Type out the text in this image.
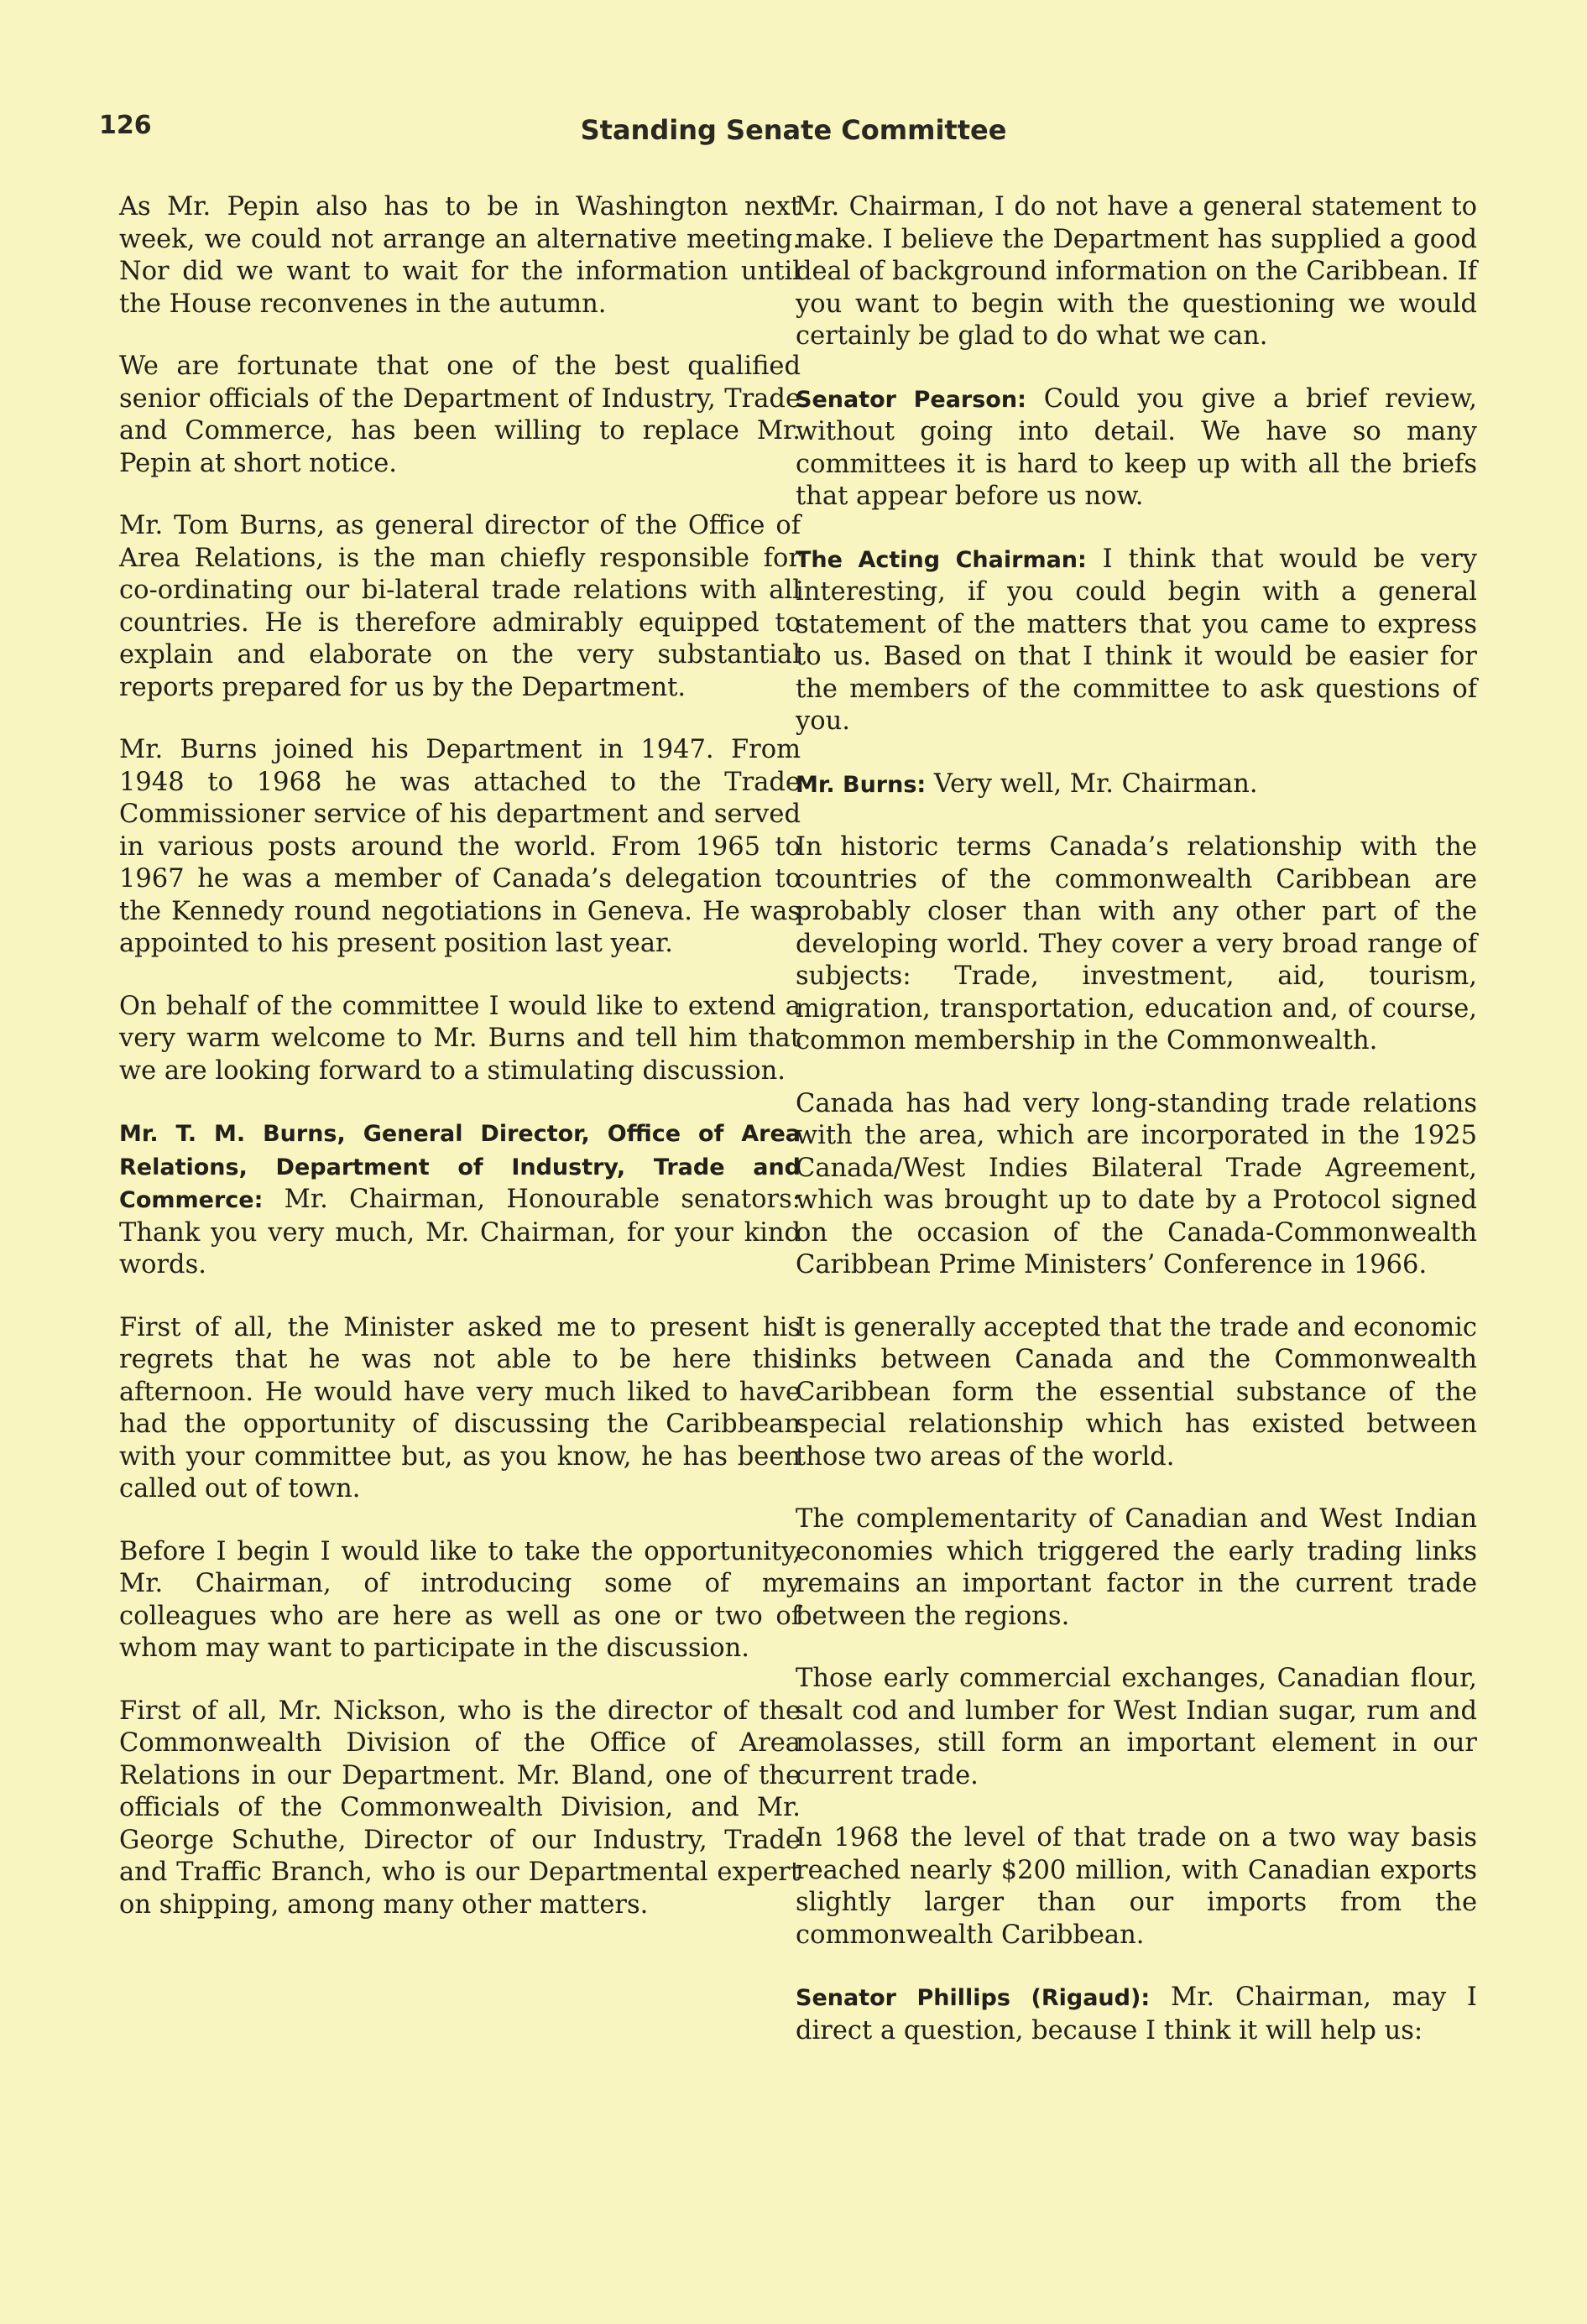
126	Standing Senate Committee

As Mr. Pepin also has to be in Washington next week, we could not arrange an alternative meeting. Nor did we want to wait for the information until the House reconvenes in the autumn.

We are fortunate that one of the best qualified senior officials of the Department of Industry, Trade and Commerce, has been willing to replace Mr. Pepin at short notice.

Mr. Tom Burns, as general director of the Office of Area Relations, is the man chiefly responsible for co-ordinating our bi-lateral trade relations with all countries. He is therefore admirably equipped to explain and elaborate on the very substantial reports prepared for us by the Department.

Mr. Burns joined his Department in 1947. From 1948 to 1968 he was attached to the Trade Commissioner service of his department and served in various posts around the world. From 1965 to 1967 he was a member of Canada’s delegation to the Kennedy round negotiations in Geneva. He was appointed to his present position last year.

On behalf of the committee I would like to extend a very warm welcome to Mr. Burns and tell him that we are looking forward to a stimulating discussion.

Mr. T. M. Burns, General Director, Office of Area Relations, Department of Industry, Trade and Commerce: Mr. Chairman, Honourable senators: Thank you very much, Mr. Chairman, for your kind words.

First of all, the Minister asked me to present his regrets that he was not able to be here this afternoon. He would have very much liked to have had the opportunity of discussing the Caribbean with your committee but, as you know, he has been called out of town.

Before I begin I would like to take the opportunity, Mr. Chairman, of introducing some of my colleagues who are here as well as one or two of whom may want to participate in the discussion.

First of all, Mr. Nickson, who is the director of the Commonwealth Division of the Office of Area Relations in our Department. Mr. Bland, one of the officials of the Commonwealth Division, and Mr. George Schuthe, Director of our Industry, Trade and Traffic Branch, who is our Departmental expert on shipping, among many other matters.

Mr. Chairman, I do not have a general statement to make. I believe the Department has supplied a good deal of background information on the Caribbean. If you want to begin with the questioning we would certainly be glad to do what we can.

Senator Pearson: Could you give a brief review, without going into detail. We have so many committees it is hard to keep up with all the briefs that appear before us now.

The Acting Chairman: I think that would be very interesting, if you could begin with a general statement of the matters that you came to express to us. Based on that I think it would be easier for the members of the committee to ask questions of you.

Mr. Burns: Very well, Mr. Chairman.

In historic terms Canada’s relationship with the countries of the commonwealth Caribbean are probably closer than with any other part of the developing world. They cover a very broad range of subjects: Trade, investment, aid, tourism, migration, transportation, education and, of course, common membership in the Commonwealth.

Canada has had very long-standing trade relations with the area, which are incorporated in the 1925 Canada/West Indies Bilateral Trade Agreement, which was brought up to date by a Protocol signed on the occasion of the Canada-Commonwealth Caribbean Prime Ministers’ Conference in 1966.

It is generally accepted that the trade and economic links between Canada and the Commonwealth Caribbean form the essential substance of the special relationship which has existed between those two areas of the world.

The complementarity of Canadian and West Indian economies which triggered the early trading links remains an important factor in the current trade between the regions.

Those early commercial exchanges, Canadian flour, salt cod and lumber for West Indian sugar, rum and molasses, still form an important element in our current trade.

In 1968 the level of that trade on a two way basis reached nearly $200 million, with Canadian exports slightly larger than our imports from the commonwealth Caribbean.

Senator Phillips (Rigaud): Mr. Chairman, may I direct a question, because I think it will help us:
